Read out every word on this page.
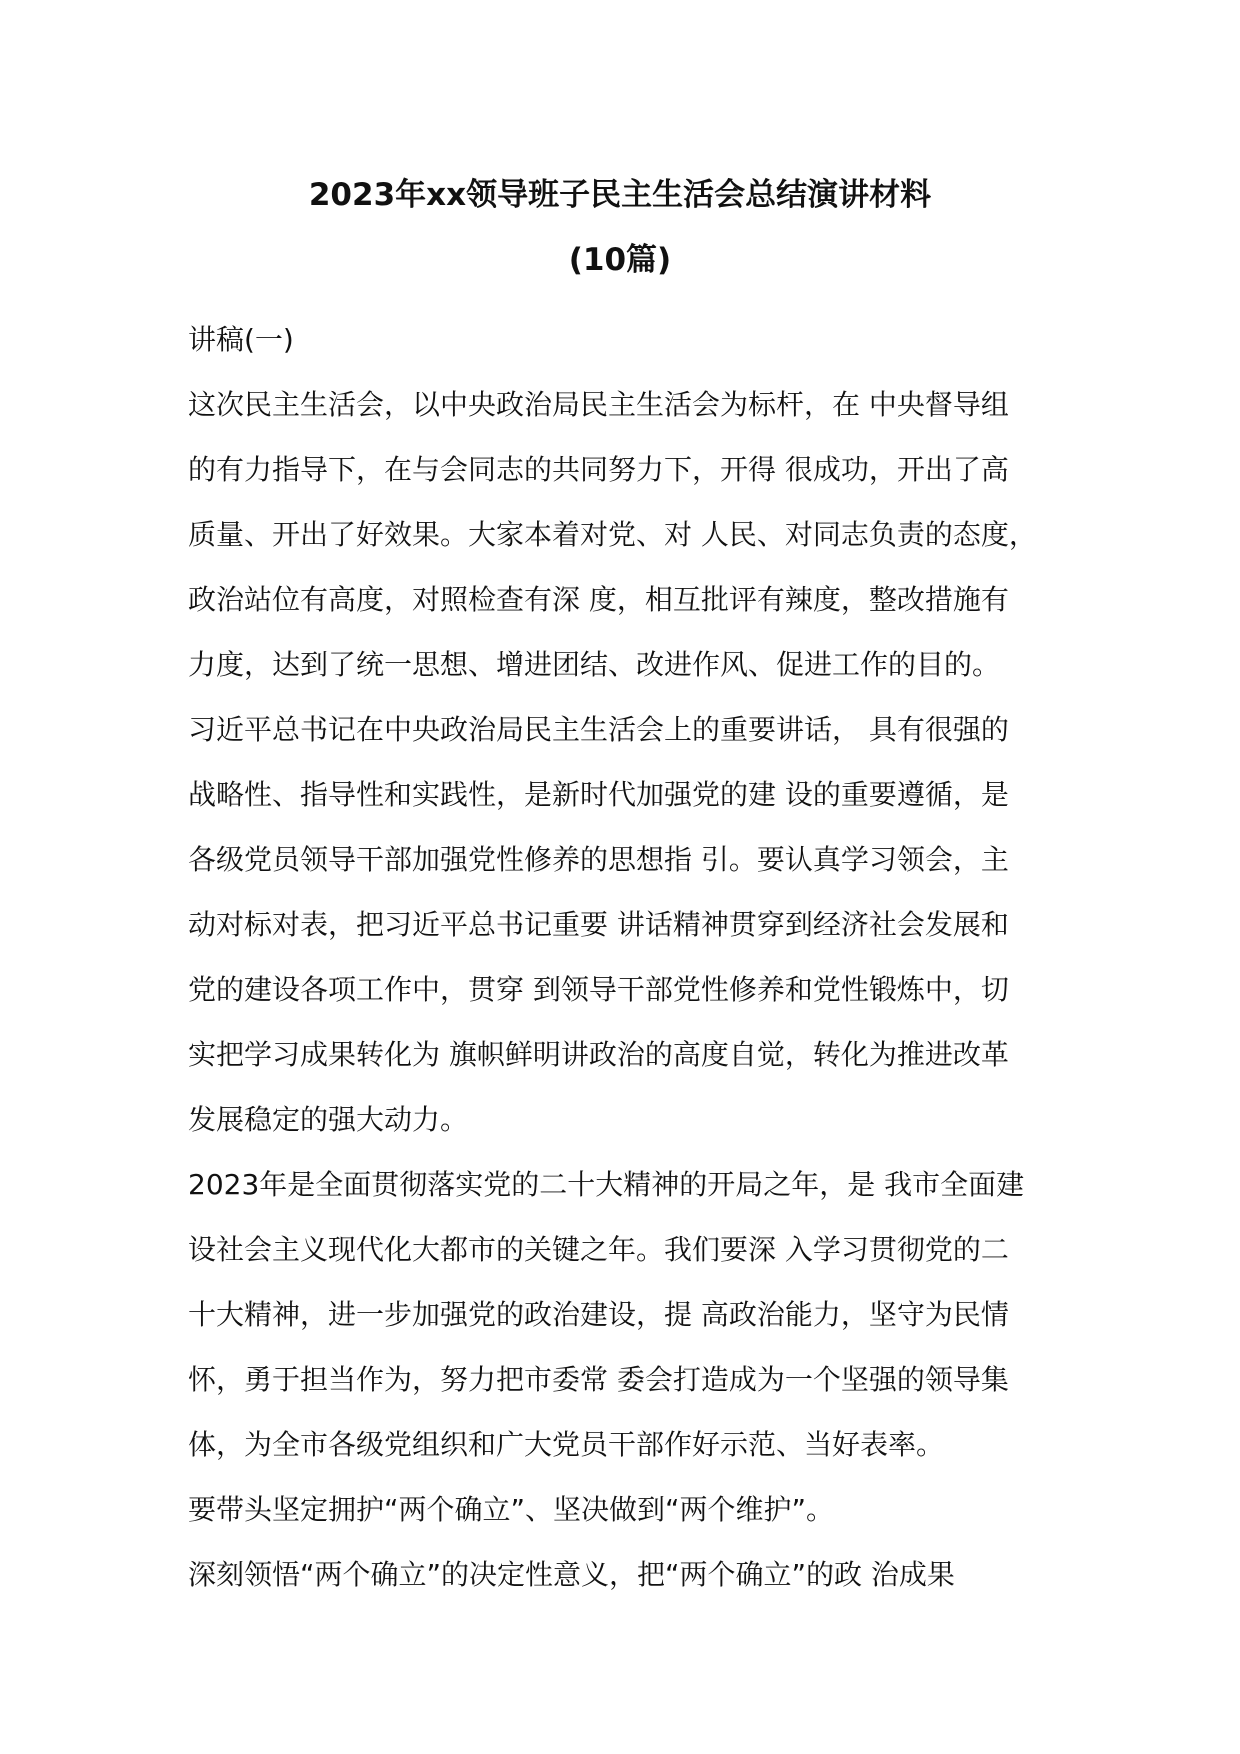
2023年xx领导班子民主生活会总结演讲材料
(10篇)
讲稿(一)
这次民主生活会，以中央政治局民主生活会为标杆，在 中央督导组
的有力指导下，在与会同志的共同努力下，开得 很成功，开出了高
质量、开出了好效果。大家本着对党、对 人民、对同志负责的态度，
政治站位有高度，对照检查有深 度，相互批评有辣度，整改措施有
力度，达到了统一思想、增进团结、改进作风、促进工作的目的。
习近平总书记在中央政治局民主生活会上的重要讲话， 具有很强的
战略性、指导性和实践性，是新时代加强党的建 设的重要遵循，是
各级党员领导干部加强党性修养的思想指 引。要认真学习领会，主
动对标对表，把习近平总书记重要 讲话精神贯穿到经济社会发展和
党的建设各项工作中，贯穿 到领导干部党性修养和党性锻炼中，切
实把学习成果转化为 旗帜鲜明讲政治的高度自觉，转化为推进改革
发展稳定的强大动力。
2023年是全面贯彻落实党的二十大精神的开局之年，是 我市全面建
设社会主义现代化大都市的关键之年。我们要深 入学习贯彻党的二
十大精神，进一步加强党的政治建设，提 高政治能力，坚守为民情
怀，勇于担当作为，努力把市委常 委会打造成为一个坚强的领导集
体，为全市各级党组织和广大党员干部作好示范、当好表率。
要带头坚定拥护“两个确立”、坚决做到“两个维护”。
深刻领悟“两个确立”的决定性意义，把“两个确立”的政 治成果
